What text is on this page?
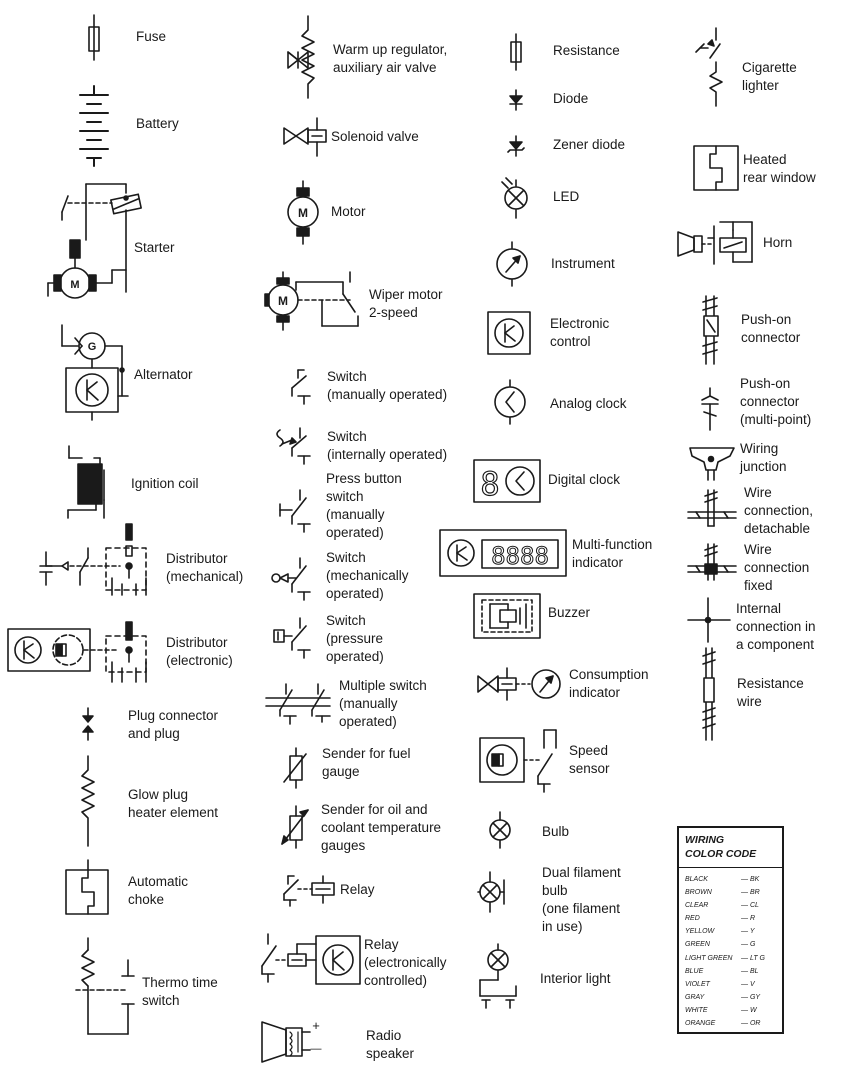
M
G
M
M
8
8888
+
—
Fuse
Battery
Starter
Alternator
Ignition coil
Distributor
(mechanical)
Distributor
(electronic)
Plug connector
and plug
Glow plug
heater element
Automatic
choke
Thermo time
switch
Warm up regulator,
auxiliary air valve
Solenoid valve
Motor
Wiper motor
2-speed
Switch
(manually operated)
Switch
(internally operated)
Press button
switch
(manually
operated)
Switch
(mechanically
operated)
Switch
(pressure
operated)
Multiple switch
(manually
operated)
Sender for fuel
gauge
Sender for oil and
coolant temperature
gauges
Relay
Relay
(electronically
controlled)
Radio
speaker
Resistance
Diode
Zener diode
LED
Instrument
Electronic
control
Analog clock
Digital clock
Multi-function
indicator
Buzzer
Consumption
indicator
Speed
sensor
Bulb
Dual filament
bulb
(one filament
in use)
Interior light
Cigarette
lighter
Heated
rear window
Horn
Push-on
connector
Push-on
connector
(multi-point)
Wiring
junction
Wire
connection,
detachable
Wire
connection
fixed
Internal
connection in
a component
Resistance
wire
WIRING
COLOR CODE
BLACK	— BK
BROWN	— BR
CLEAR	— CL
RED	— R
YELLOW	— Y
GREEN	— G
LIGHT GREEN — LT G
BLUE	— BL
VIOLET	— V
GRAY	— GY
WHITE	— W
ORANGE	— OR
